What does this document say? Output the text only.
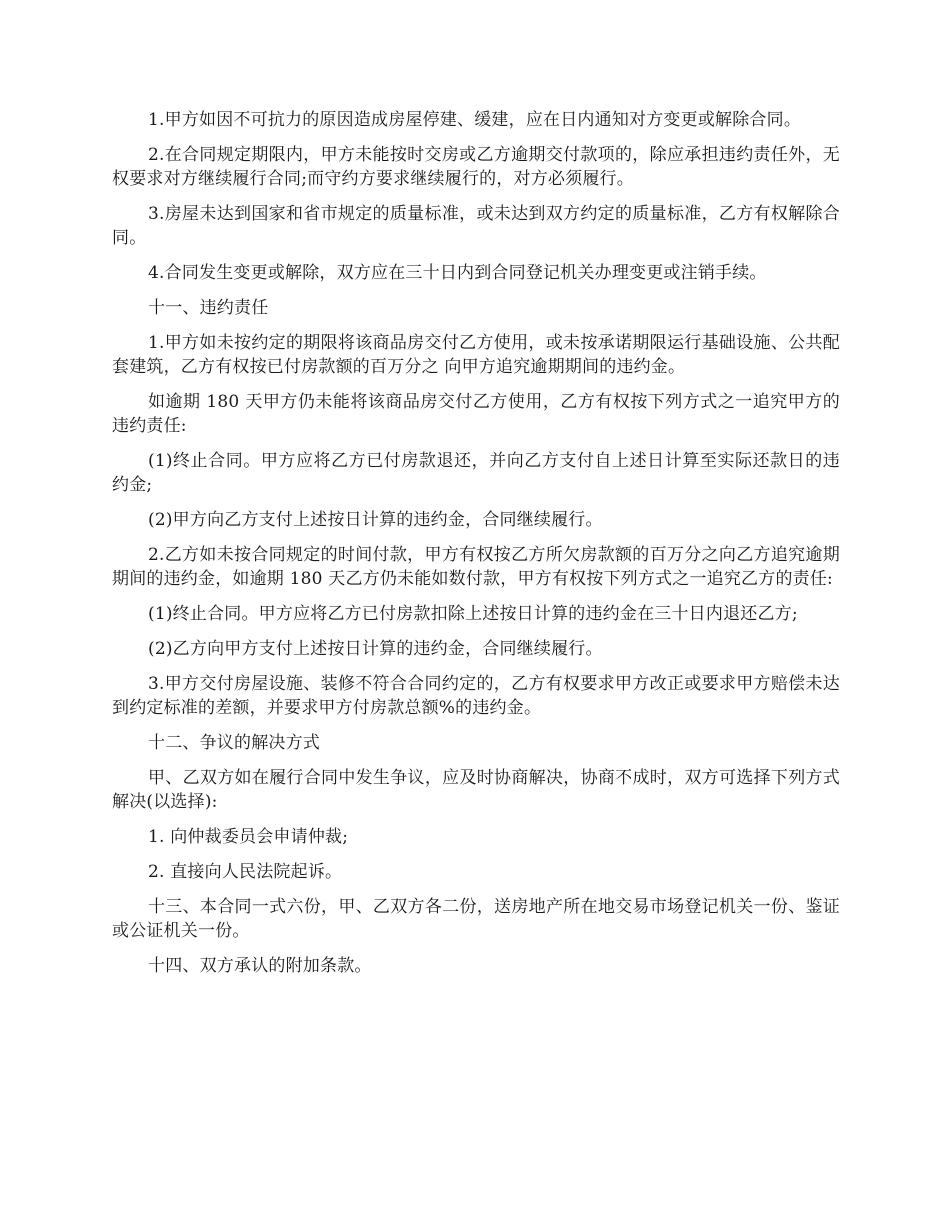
1.甲方如因不可抗力的原因造成房屋停建、缓建，应在日内通知对方变更或解除合同。

2.在合同规定期限内，甲方未能按时交房或乙方逾期交付款项的，除应承担违约责任外，无权要求对方继续履行合同;而守约方要求继续履行的，对方必须履行。

3.房屋未达到国家和省市规定的质量标准，或未达到双方约定的质量标准，乙方有权解除合同。

4.合同发生变更或解除，双方应在三十日内到合同登记机关办理变更或注销手续。

十一、违约责任

1.甲方如未按约定的期限将该商品房交付乙方使用，或未按承诺期限运行基础设施、公共配套建筑，乙方有权按已付房款额的百万分之 向甲方追究逾期期间的违约金。

如逾期 180 天甲方仍未能将该商品房交付乙方使用，乙方有权按下列方式之一追究甲方的违约责任:

(1)终止合同。甲方应将乙方已付房款退还，并向乙方支付自上述日计算至实际还款日的违约金;

(2)甲方向乙方支付上述按日计算的违约金，合同继续履行。

2.乙方如未按合同规定的时间付款，甲方有权按乙方所欠房款额的百万分之向乙方追究逾期期间的违约金，如逾期 180 天乙方仍未能如数付款，甲方有权按下列方式之一追究乙方的责任:

(1)终止合同。甲方应将乙方已付房款扣除上述按日计算的违约金在三十日内退还乙方;

(2)乙方向甲方支付上述按日计算的违约金，合同继续履行。

3.甲方交付房屋设施、装修不符合合同约定的，乙方有权要求甲方改正或要求甲方赔偿未达到约定标准的差额，并要求甲方付房款总额%的违约金。

十二、争议的解决方式

甲、乙双方如在履行合同中发生争议，应及时协商解决，协商不成时，双方可选择下列方式解决(以选择):

1. 向仲裁委员会申请仲裁;

2. 直接向人民法院起诉。

十三、本合同一式六份，甲、乙双方各二份，送房地产所在地交易市场登记机关一份、鉴证或公证机关一份。

十四、双方承认的附加条款。
